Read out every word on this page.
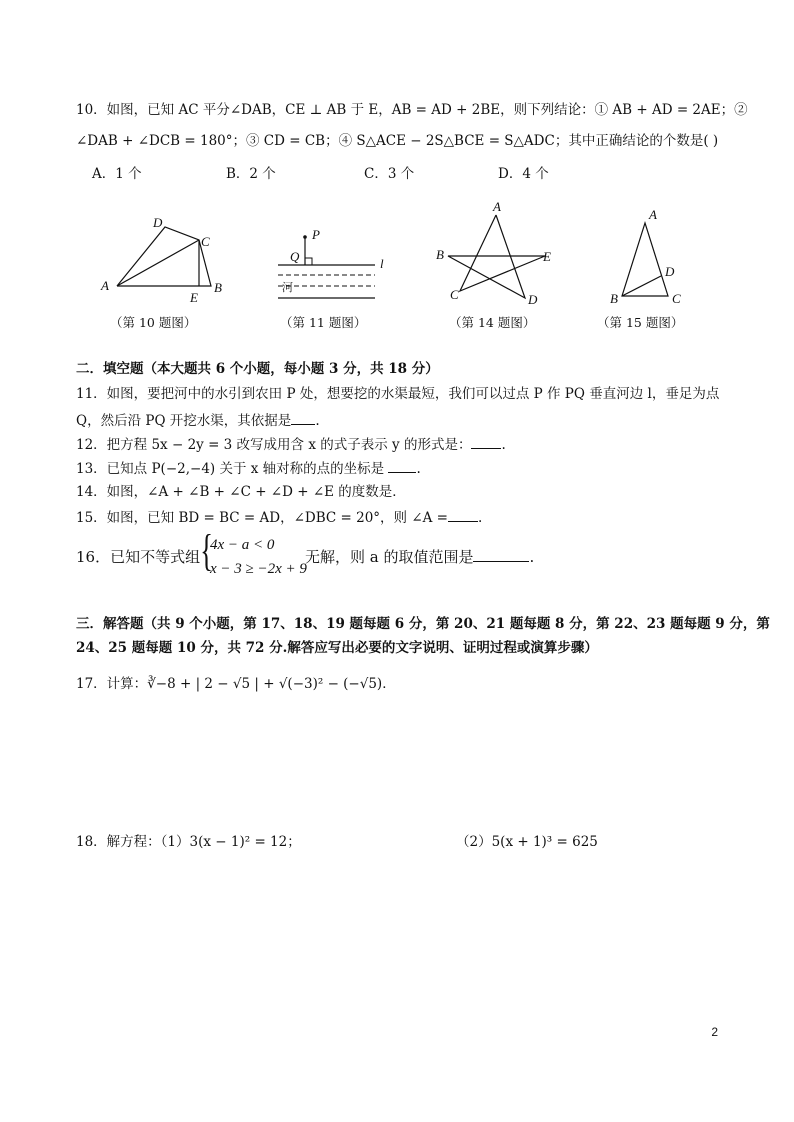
10．如图，已知 AC 平分∠DAB，CE ⊥ AB 于 E，AB = AD + 2BE，则下列结论：① AB + AD = 2AE；②
∠DAB + ∠DCB = 180°；③ CD = CB；④ S△ACE − 2S△BCE = S△ADC；其中正确结论的个数是( )
A．1 个	B．2 个	C．3 个	D．4 个
D
C
A
E
B
（第 10 题图）
P
Q	l
河
（第 11 题图）
A
B	E
C	D
（第 14 题图）
A
D
B	C
（第 15 题图）
二．填空题（本大题共 6 个小题，每小题 3 分，共 18 分）
11．如图，要把河中的水引到农田 P 处，想要挖的水渠最短，我们可以过点 P 作 PQ 垂直河边 l，垂足为点
Q，然后沿 PQ 开挖水渠，其依据是 .
12．把方程 5x − 2y = 3 改写成用含 x 的式子表示 y 的形式是： .
13．已知点 P(−2,−4) 关于 x 轴对称的点的坐标是 .
14．如图，∠A + ∠B + ∠C + ∠D + ∠E 的度数是．
15．如图，已知 BD = BC = AD，∠DBC = 20°，则 ∠A = .
16．已知不等式组 {
4x − a < 0
x − 3 ≥ −2x + 9
无解，则 a 的取值范围是	.
三．解答题（共 9 个小题，第 17、18、19 题每题 6 分，第 20、21 题每题 8 分，第 22、23 题每题 9 分，第
24、25 题每题 10 分，共 72 分.解答应写出必要的文字说明、证明过程或演算步骤）
17．计算：∛−8 + | 2 − √5 | + √(−3)² − (−√5)．
18．解方程：（1）3(x − 1)² = 12；	（2）5(x + 1)³ = 625
2
